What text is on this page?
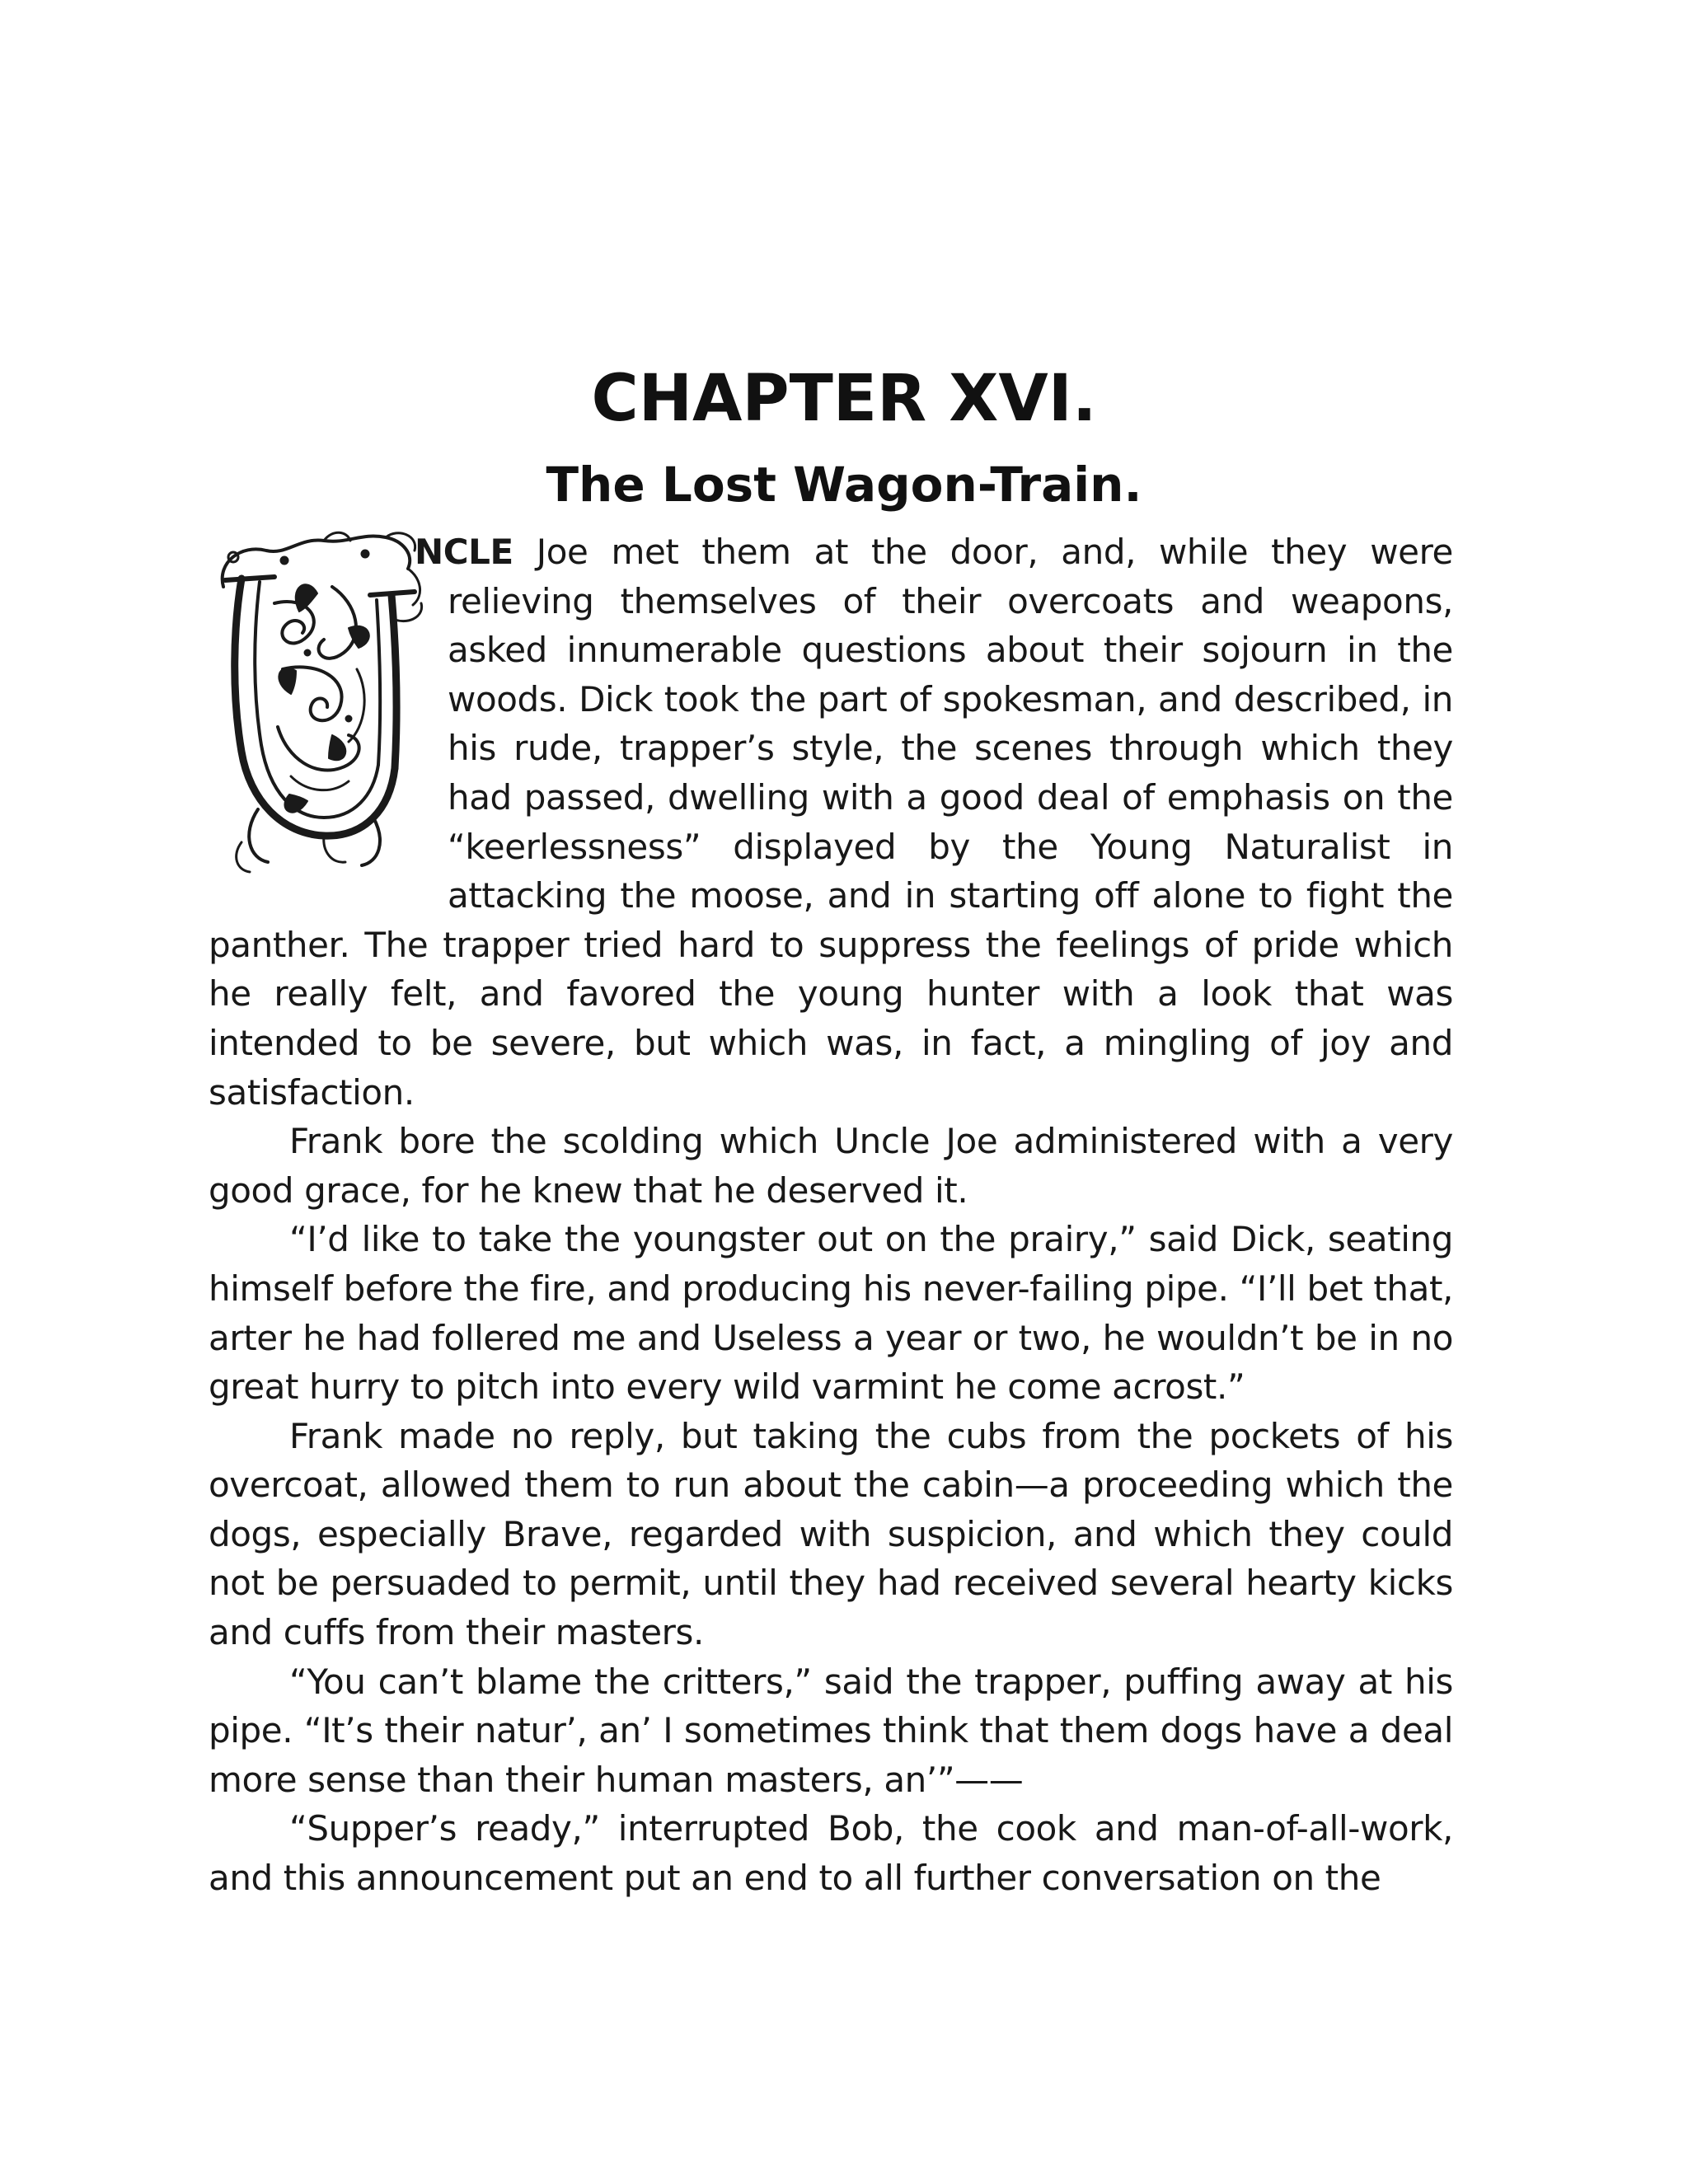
CHAPTER XVI.
The Lost Wagon-Train.

NCLE Joe met them at the door, and, while they were relieving themselves of their overcoats and weapons, asked innumerable questions about their sojourn in the woods. Dick took the part of spokesman, and described, in his rude, trapper’s style, the scenes through which they had passed, dwelling with a good deal of emphasis on the “keerlessness” displayed by the Young Naturalist in attacking the moose, and in starting off alone to fight the panther. The trapper tried hard to suppress the feelings of pride which he really felt, and favored the young hunter with a look that was intended to be severe, but which was, in fact, a mingling of joy and satisfaction.

Frank bore the scolding which Uncle Joe administered with a very good grace, for he knew that he deserved it.

“I’d like to take the youngster out on the prairy,” said Dick, seating himself before the fire, and producing his never-failing pipe. “I’ll bet that, arter he had follered me and Useless a year or two, he wouldn’t be in no great hurry to pitch into every wild varmint he come acrost.”

Frank made no reply, but taking the cubs from the pockets of his overcoat, allowed them to run about the cabin—a proceeding which the dogs, especially Brave, regarded with suspicion, and which they could not be persuaded to permit, until they had received several hearty kicks and cuffs from their masters.

“You can’t blame the critters,” said the trapper, puffing away at his pipe. “It’s their natur’, an’ I sometimes think that them dogs have a deal more sense than their human masters, an’”——

“Supper’s ready,” interrupted Bob, the cook and man-of-all-work, and this announcement put an end to all further conversation on the
